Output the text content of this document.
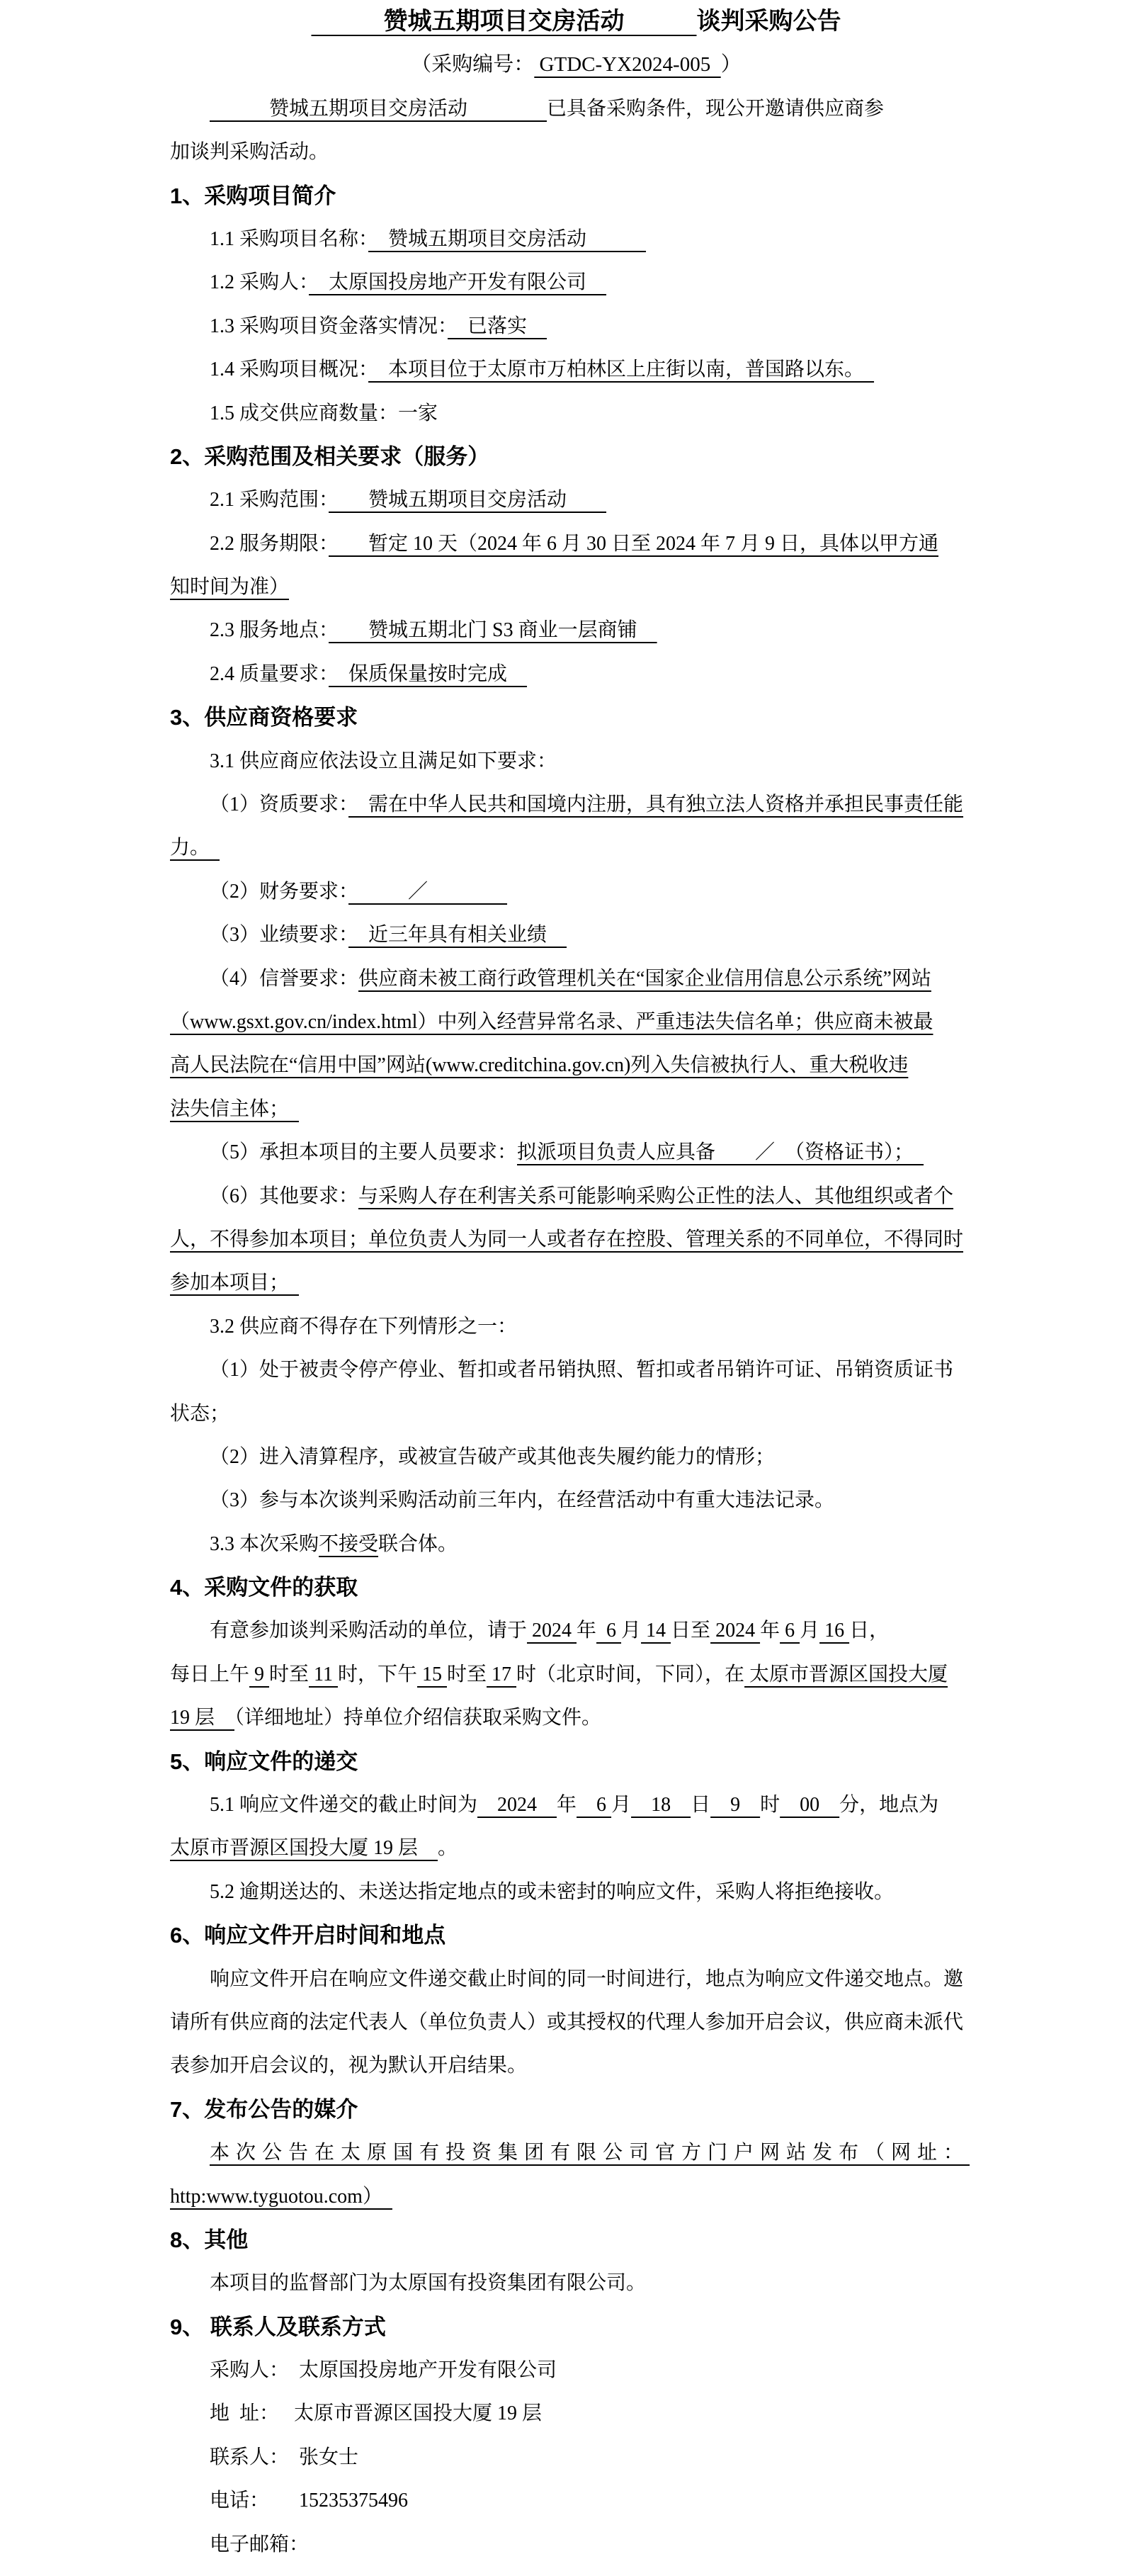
　　　赞城五期项目交房活动　　　谈判采购公告
（采购编号： GTDC-YX2024-005  ）
　　　赞城五期项目交房活动　　　　	已具备采购条件，现公开邀请供应商参
加谈判采购活动。
1、采购项目简介
1.1 采购项目名称：　赞城五期项目交房活动　　　
1.2 采购人：　太原国投房地产开发有限公司　
1.3 采购项目资金落实情况：　已落实　
1.4 采购项目概况：　本项目位于太原市万柏林区上庄街以南，普国路以东。　
1.5 成交供应商数量：一家
2、采购范围及相关要求（服务）
2.1 采购范围：　　赞城五期项目交房活动　　
2.2 服务期限：　　暂定 10 天（2024 年 6 月 30 日至 2024 年 7 月 9 日，具体以甲方通
知时间为准）
2.3 服务地点：　　赞城五期北门 S3 商业一层商铺　
2.4 质量要求：　保质保量按时完成　
3、供应商资格要求
3.1 供应商应依法设立且满足如下要求：
（1）资质要求：　需在中华人民共和国境内注册，具有独立法人资格并承担民事责任能
力。　
（2）财务要求：　　　／　　　　
（3）业绩要求：　近三年具有相关业绩　
（4）信誉要求：供应商未被工商行政管理机关在“国家企业信用信息公示系统”网站
（www.gsxt.gov.cn/index.html）中列入经营异常名录、严重违法失信名单；供应商未被最
高人民法院在“信用中国”网站(www.creditchina.gov.cn)列入失信被执行人、重大税收违
法失信主体；　
（5）承担本项目的主要人员要求：拟派项目负责人应具备　　／　（资格证书）；　
（6）其他要求：与采购人存在利害关系可能影响采购公正性的法人、其他组织或者个
人，不得参加本项目；单位负责人为同一人或者存在控股、管理关系的不同单位，不得同时
参加本项目；　
3.2 供应商不得存在下列情形之一：
（1）处于被责令停产停业、暂扣或者吊销执照、暂扣或者吊销许可证、吊销资质证书
状态；
（2）进入清算程序，或被宣告破产或其他丧失履约能力的情形；
（3）参与本次谈判采购活动前三年内，在经营活动中有重大违法记录。
3.3 本次采购不接受联合体。
4、采购文件的获取
有意参加谈判采购活动的单位，请于 2024 年  6 月 14 日至 2024 年 6 月 16 日，
每日上午 9 时至 11 时，下午 15 时至 17 时（北京时间，下同），在 太原市晋源区国投大厦
19 层　（详细地址）持单位介绍信获取采购文件。
5、响应文件的递交
5.1 响应文件递交的截止时间为　2024　年　6 月　18　日　9　时　00　分，地点为
太原市晋源区国投大厦 19 层　。
5.2 逾期送达的、未送达指定地点的或未密封的响应文件，采购人将拒绝接收。
6、响应文件开启时间和地点
响应文件开启在响应文件递交截止时间的同一时间进行，地点为响应文件递交地点。邀
请所有供应商的法定代表人（单位负责人）或其授权的代理人参加开启会议，供应商未派代
表参加开启会议的，视为默认开启结果。
7、发布公告的媒介
本次公告在太原国有投资集团有限公司官方门户网站发布（网址：
http:www.tyguotou.com）　
8、其他
本项目的监督部门为太原国有投资集团有限公司。
9、 联系人及联系方式
采购人：　太原国投房地产开发有限公司
地  址：　 太原市晋源区国投大厦 19 层
联系人：　张女士
电话：　　15235375496
电子邮箱：
